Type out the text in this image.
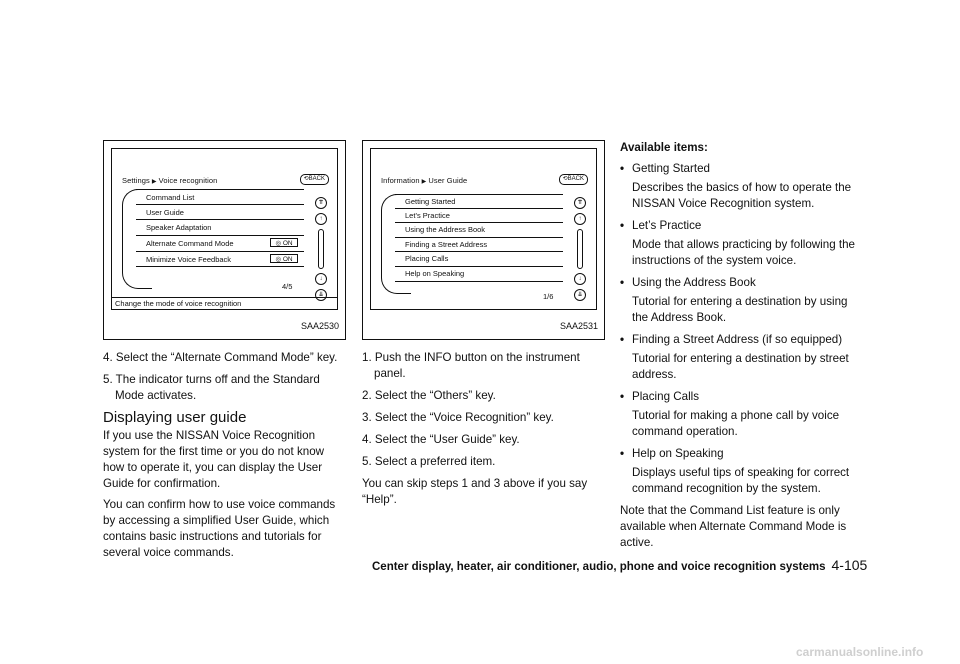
Settings ▶ Voice recognition	⟲BACK
Command List
User Guide
Speaker Adaptation
Alternate Command Mode	◎ ON
Minimize Voice Feedback	◎ ON
4/5
⇈
↑
↓
⇊
Change the mode of voice recognition
SAA2530

4. Select the “Alternate Command Mode” key.

5. The indicator turns off and the Standard Mode activates.

Displaying user guide

If you use the NISSAN Voice Recognition system for the first time or you do not know how to operate it, you can display the User Guide for confirmation.

You can confirm how to use voice commands by accessing a simplified User Guide, which contains basic instructions and tutorials for several voice commands.

Information ▶ User Guide	⟲BACK
Getting Started
Let’s Practice
Using the Address Book
Finding a Street Address
Placing Calls
Help on Speaking
1/6
⇈
↑
↓
⇊
SAA2531

1. Push the INFO button on the instrument panel.

2. Select the “Others” key.

3. Select the “Voice Recognition” key.

4. Select the “User Guide” key.

5. Select a preferred item.

You can skip steps 1 and 3 above if you say “Help”.

Available items:
• Getting Started
Describes the basics of how to operate the NISSAN Voice Recognition system.
• Let’s Practice
Mode that allows practicing by following the instructions of the system voice.
• Using the Address Book
Tutorial for entering a destination by using the Address Book.
• Finding a Street Address (if so equipped)
Tutorial for entering a destination by street address.
• Placing Calls
Tutorial for making a phone call by voice command operation.
• Help on Speaking
Displays useful tips of speaking for correct command recognition by the system.

Note that the Command List feature is only available when Alternate Command Mode is active.

Center display, heater, air conditioner, audio, phone and voice recognition systems 4-105
carmanualsonline.info
